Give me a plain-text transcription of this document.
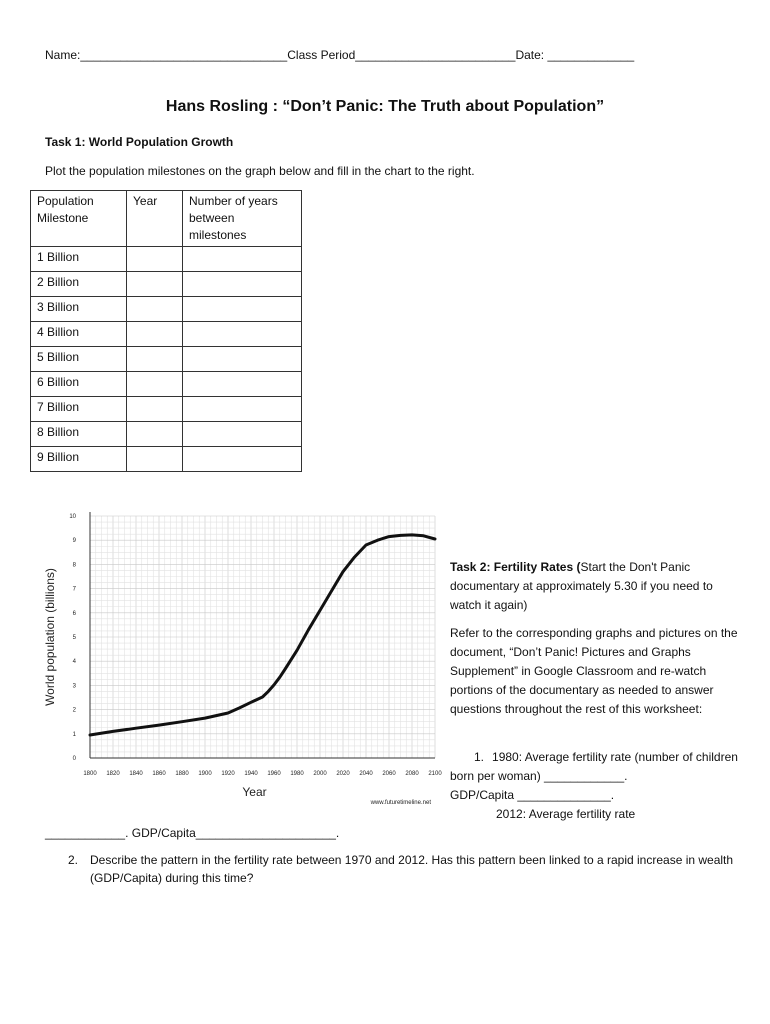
Name:_______________________________Class Period________________________Date: _____________
Hans Rosling : “Don’t Panic: The Truth about Population”
Task 1: World Population Growth
Plot the population milestones on the graph below and fill in the chart to the right.
Population Milestone	Year	Number of years between milestones
1 Billion		
2 Billion		
3 Billion		
4 Billion		
5 Billion		
6 Billion		
7 Billion		
8 Billion		
9 Billion		
0
1
2
3
4
5
6
7
8
9
10
1800 1820 1840 1860 1880 1900 1920 1940 1960 1980 2000 2020 2040 2060 2080 2100
World population (billions)
Year
www.futuretimeline.net

Task 2: Fertility Rates (Start the Don't Panic documentary at approximately 5.30 if you need to watch it again)

Refer to the corresponding graphs and pictures on the document, “Don’t Panic! Pictures and Graphs Supplement” in Google Classroom and re-watch portions of the documentary as needed to answer questions throughout the rest of this worksheet:

1. 1980: Average fertility rate (number of children born per woman) ____________.
GDP/Capita ______________.
2012: Average fertility rate
____________. GDP/Capita_____________________.
2. Describe the pattern in the fertility rate between 1970 and 2012. Has this pattern been linked to a rapid increase in wealth (GDP/Capita) during this time?
